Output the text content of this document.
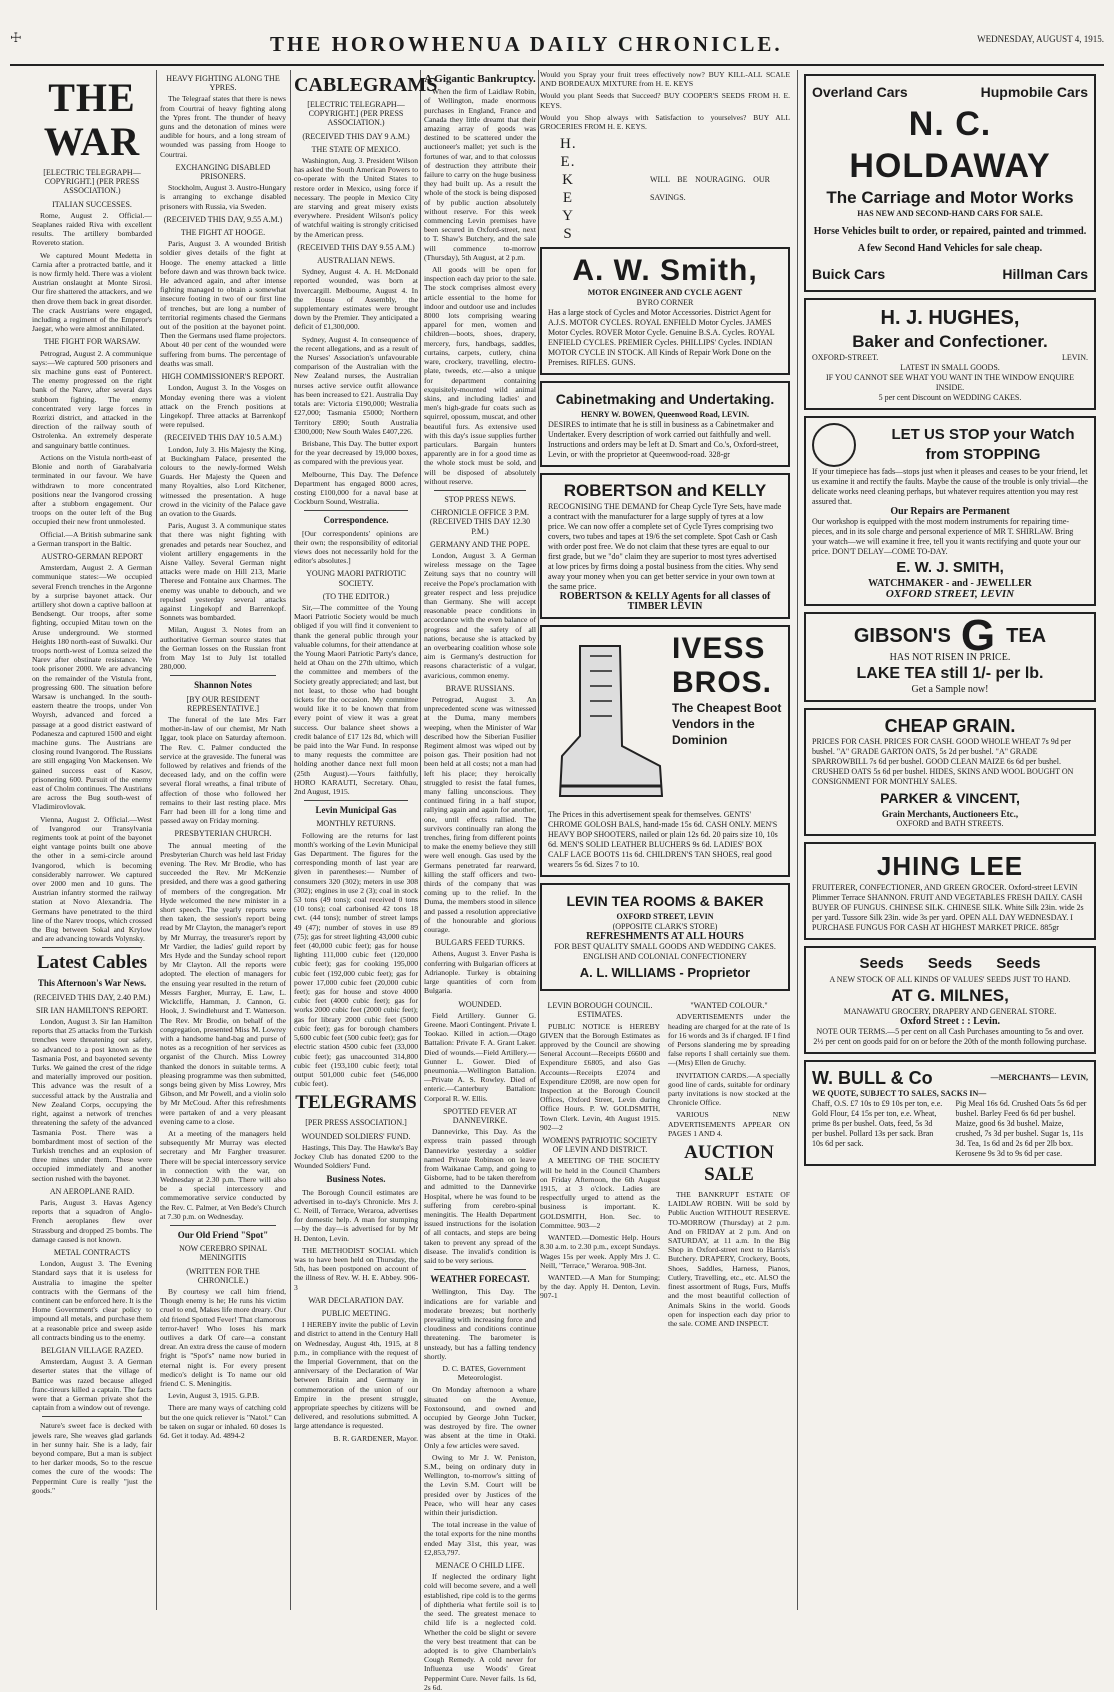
☩	THE HOROWHENUA DAILY CHRONICLE.	WEDNESDAY, AUGUST 4, 1915.
THE WAR
[ELECTRIC TELEGRAPH—COPYRIGHT.] (PER PRESS ASSOCIATION.)
ITALIAN SUCCESSES.

Rome, August 2. Official.—Seaplanes raided Riva with excellent results. The artillery bombarded Rovereto station.

We captured Mount Medetta in Carnia after a protracted battle, and it is now firmly held. There was a violent Austrian onslaught at Monte Sirosi. Our fire shattered the attackers, and we then drove them back in great disorder. The crack Austrians were engaged, including a regiment of the Emperor's Jaegar, who were almost annihilated.

THE FIGHT FOR WARSAW.

Petrograd, August 2. A communique says:—We captured 500 prisoners and six machine guns east of Ponterect. The enemy progressed on the right bank of the Narev, after several days stubborn fighting. The enemy concentrated very large forces in Rozrizi district, and attacked in the direction of the railway south of Ostrolenka. An extremely desperate and sanguinary battle continues.

Actions on the Vistula north-east of Blonie and north of Garabalvaria terminated in our favour. We have withdrawn to more concentrated positions near the Ivangorod crossing after a stubborn engagement. Our troops on the outer left of the Bug occupied their new front unmolested.

Official.—A British submarine sank a German transport in the Baltic.

AUSTRO-GERMAN REPORT

Amsterdam, August 2. A German communique states:—We occupied several French trenches in the Argonne by a surprise bayonet attack. Our artillery shot down a captive balloon at Bendsengt. Our troops, after some fighting, occupied Mitau town on the Aruse underground. We stormed Heights 180 north-east of Suwalki. Our troops north-west of Lomza seized the Narev after obstinate resistance. We took prisoner 2000. We are advancing on the remainder of the Vistula front, progressing 600. The situation before Warsaw is unchanged. In the south-eastern theatre the troops, under Von Woyrsh, advanced and forced a passage at a good district eastward of Podanesza and captured 1500 and eight machine guns. The Austrians are closing round Ivangorod. The Russians are still engaging Von Mackensen. We gained success east of Kasov, prisonering 600. Pursuit of the enemy east of Cholm continues. The Austrians are across the Bug south-west of Vladimirovlovak.

Vienna, August 2. Official.—West of Ivangorod our Transylvania regiments took at point of the bayonet eight vantage points built one above the other in a semi-circle around Ivangorod, which is becoming considerably narrower. We captured over 2000 men and 10 guns. The Austrian infantry stormed the railway station at Novo Alexandria. The Germans have penetrated to the third line of the Narev troops, which crossed the Bug between Sokal and Krylow and are advancing towards Volynsky.

Latest Cables
This Afternoon's War News.
(RECEIVED THIS DAY, 2.40 P.M.)
SIR IAN HAMILTON'S REPORT.

London, August 3. Sir Ian Hamilton reports that 25 attacks from the Turkish trenches were threatening our safety, so advanced to a post known as the Tasmania Post, and bayoneted seventy Turks. We gained the crest of the ridge and materially improved our position. This advance was the result of a successful attack by the Australia and New Zealand Corps, occupying the right, against a network of trenches threatening the safety of the advanced Tasmania Post. There was a bombardment most of section of the Turkish trenches and an explosion of three mines under them. These were occupied immediately and another section rushed with the bayonet.

AN AEROPLANE RAID.

Paris, August 3. Havas Agency reports that a squadron of Anglo-French aeroplanes flew over Strassburg and dropped 25 bombs. The damage caused is not known.

METAL CONTRACTS

London, August 3. The Evening Standard says that it is useless for Australia to imagine the spelter contracts with the Germans of the continent can be enforced here. It is the Home Government's clear policy to impound all metals, and purchase them at a reasonable price and sweep aside all contracts binding us to the enemy.

BELGIAN VILLAGE RAZED.

Amsterdam, August 3. A German deserter states that the village of Battice was razed because alleged franc-tireurs killed a captain. The facts were that a German private shot the captain from a window out of revenge.

Nature's sweet face is decked with jewels rare, She weaves glad garlands in her sunny hair. She is a lady, fair beyond compare, But a man is subject to her darker moods, So to the rescue comes the cure of the woods: The Peppermint Cure is really "just the goods."

HEAVY FIGHTING ALONG THE YPRES.

The Telegraaf states that there is news from Courtrai of heavy fighting along the Ypres front. The thunder of heavy guns and the detonation of mines were audible for hours, and a long stream of wounded was passing from Hooge to Courtrai.

EXCHANGING DISABLED PRISONERS.

Stockholm, August 3. Austro-Hungary is arranging to exchange disabled prisoners with Russia, via Sweden.

(RECEIVED THIS DAY, 9.55 A.M.)
THE FIGHT AT HOOGE.

Paris, August 3. A wounded British soldier gives details of the fight at Hooge. The enemy attacked a little before dawn and was thrown back twice. He advanced again, and after intense fighting managed to obtain a somewhat insecure footing in two of our first line of trenches, but are long a number of territorial regiments chased the Germans out of the position at the bayonet point. Then the Germans used flame projectors. About 40 per cent of the wounded were suffering from burns. The percentage of deaths was small.

HIGH COMMISSIONER'S REPORT.

London, August 3. In the Vosges on Monday evening there was a violent attack on the French positions at Lingekopf. Three attacks at Barrenkopf were repulsed.

(RECEIVED THIS DAY 10.5 A.M.)

London, July 3. His Majesty the King, at Buckingham Palace, presented the colours to the newly-formed Welsh Guards. Her Majesty the Queen and many Royalties, also Lord Kitchener, witnessed the presentation. A huge crowd in the vicinity of the Palace gave an ovation to the Guards.

Paris, August 3. A communique states that there was night fighting with grenades and petards near Souchez, and violent artillery engagements in the Aisne Valley. Several German night attacks were made on Hill 213, Marie Therese and Fontaine aux Charmes. The enemy was unable to debouch, and we repulsed yesterday several attacks against Lingekopf and Barrenkopf. Sonnets was bombarded.

Milan, August 3. Notes from an authoritative German source states that the German losses on the Russian front from May 1st to July 1st totalled 280,000.

Shannon Notes
[BY OUR RESIDENT REPRESENTATIVE.]

The funeral of the late Mrs Farr mother-in-law of our chemist, Mr Nath Iggar, took place on Saturday afternoon. The Rev. C. Palmer conducted the service at the graveside. The funeral was followed by relatives and friends of the deceased lady, and on the coffin were several floral wreaths, a final tribute of affection of those who followed her remains to their last resting place. Mrs Farr had been ill for a long time and passed away on Friday morning.

PRESBYTERIAN CHURCH.

The annual meeting of the Presbyterian Church was held last Friday evening. The Rev. Mr Brodie, who has succeeded the Rev. Mr McKenzie presided, and there was a good gathering of members of the congregation. Mr Hyde welcomed the new minister in a short speech. The yearly reports were then taken, the session's report being read by Mr Clayton, the manager's report by Mr Murray, the treasurer's report by Mr Vardier, the ladies' guild report by Mrs Hyde and the Sunday school report by Mr Clayton. All the reports were adopted. The election of managers for the ensuing year resulted in the return of Messrs Fargher, Murray, E. Law, L. Wickcliffe, Hamman, J. Cannon, G. Hook, J. Swindlehurst and T. Watterson. The Rev. Mr Brodie, on behalf of the congregation, presented Miss M. Lowrey with a handsome hand-bag and purse of notes as a recognition of her services as organist of the Church. Miss Lowrey thanked the donors in suitable terms. A pleasing programme was then submitted, songs being given by Miss Lowrey, Mrs Gibson, and Mr Powell, and a violin solo by Mr McCoud. After this refreshments were partaken of and a very pleasant evening came to a close.

At a meeting of the managers held subsequently Mr Murray was elected secretary and Mr Fargher treasurer. There will be special intercessory service in connection with the war, on Wednesday at 2.30 p.m. There will also be a special intercessory and commemorative service conducted by the Rev. C. Palmer, at Ven Bede's Church at 7.30 p.m. on Wednesday.

Our Old Friend "Spot"
NOW CEREBRO SPINAL MENINGITIS
(WRITTEN FOR THE CHRONICLE.)

By courtesy we call him friend, Though enemy is he; He runs his victim cruel to end, Makes life more dreary. Our old friend Spotted Fever! That clamorous terror-haver! Who loses his mark outlives a dark Of care—a constant drear. An extra dress the cause of modern fright is "Spot's" name now buried in eternal night is. For every present medico's delight is To name our old friend C. S. Meningitis.

Levin, August 3, 1915. G.P.B.

There are many ways of catching cold but the one quick reliever is "Natol." Can be taken on sugar or inhaled. 60 doses 1s 6d. Get it today. Ad. 4894-2

CABLEGRAMS
[ELECTRIC TELEGRAPH—COPYRIGHT.] (PER PRESS ASSOCIATION.)
(RECEIVED THIS DAY 9 A.M.)
THE STATE OF MEXICO.

Washington, Aug. 3. President Wilson has asked the South American Powers to co-operate with the United States to restore order in Mexico, using force if necessary. The people in Mexico City are starving and great misery exists everywhere. President Wilson's policy of watchful waiting is strongly criticised by the American press.

(RECEIVED THIS DAY 9.55 A.M.)
AUSTRALIAN NEWS.

Sydney, August 4. A. H. McDonald reported wounded, was born at Invercargill. Melbourne, August 4. In the House of Assembly, the supplementary estimates were brought down by the Premier. They anticipated a deficit of £1,300,000.

Sydney, August 4. In consequence of the recent allegations, and as a result of the Nurses' Association's unfavourable comparison of the Australian with the New Zealand nurses, the Australian nurses active service outfit allowance has been increased to £21. Australia Day totals are: Victoria £190,000; Westralia £27,000; Tasmania £5000; Northern Territory £890; South Australia £300,000; New South Wales £407,226.

Brisbane, This Day. The butter export for the year decreased by 19,000 boxes, as compared with the previous year.

Melbourne, This Day. The Defence Department has engaged 8000 acres, costing £100,000 for a naval base at Cockburn Sound, Westralia.

Correspondence.

[Our correspondents' opinions are their own; the responsibility of editorial views does not necessarily hold for the editor's absolutes.]

YOUNG MAORI PATRIOTIC SOCIETY.
(TO THE EDITOR.)

Sir,—The committee of the Young Maori Patriotic Society would be much obliged if you will find it convenient to thank the general public through your valuable columns, for their attendance at the Young Maori Patriotic Party's dance, held at Ohau on the 27th ultimo, which the committee and members of the Society greatly appreciated; and last, but not least, to those who had bought tickets for the occasion. My committee would like it to be known that from every point of view it was a great success. Our balance sheet shows a credit balance of £17 12s 8d, which will be paid into the War Fund. In response to many requests the committee are holding another dance next full moon (25th August).—Yours faithfully, HORO KARAUTI, Secretary. Ohau, 2nd August, 1915.

Levin Municipal Gas
MONTHLY RETURNS.

Following are the returns for last month's working of the Levin Municipal Gas Department. The figures for the corresponding month of last year are given in parentheses:— Number of consumers 320 (302); meters in use 308 (302); engines in use 2 (3); coal in stock 53 tons (49 tons); coal received 0 tons (10 tons); coal carbonised 42 tons 18 cwt. (44 tons); number of street lamps 49 (47); number of stoves in use 89 (75); gas for street lighting 43,000 cubic feet (40,000 cubic feet); gas for house lighting 111,000 cubic feet (120,000 cubic feet); gas for cooking 195,000 cubic feet (192,000 cubic feet); gas for power 17,000 cubic feet (20,000 cubic feet); gas for house and stove 4000 cubic feet (4000 cubic feet); gas for works 2000 cubic feet (2000 cubic feet); gas for library 2000 cubic feet (5000 cubic feet); gas for borough chambers 5,600 cubic feet (500 cubic feet); gas for electric station 4500 cubic feet (33,000 cubic feet); gas unaccounted 314,800 cubic feet (193,100 cubic feet); total output 501,000 cubic feet (546,000 cubic feet).

TELEGRAMS
[PER PRESS ASSOCIATION.]
WOUNDED SOLDIERS' FUND.

Hastings, This Day. The Hawke's Bay Jockey Club has donated £200 to the Wounded Soldiers' Fund.

Business Notes.

The Borough Council estimates are advertised in to-day's Chronicle. Mrs J. C. Neill, of Terrace, Weraroa, advertises for domestic help. A man for stumping—by the day—is advertised for by Mr H. Denton, Levin.

THE METHODIST SOCIAL which was to have been held on Thursday, the 5th, has been postponed on account of the illness of Rev. W. H. E. Abbey. 906-3

WAR DECLARATION DAY.
PUBLIC MEETING.

I HEREBY invite the public of Levin and district to attend in the Century Hall on Wednesday, August 4th, 1915, at 8 p.m., in compliance with the request of the Imperial Government, that on the anniversary of the Declaration of War between Britain and Germany in commemoration of the union of our Empire in the present struggle, appropriate speeches by citizens will be delivered, and resolutions submitted. A large attendance is requested.

B. R. GARDENER, Mayor.

A Gigantic Bankruptcy.

When the firm of Laidlaw Robin, of Wellington, made enormous purchases in England, France and Canada they little dreamt that their amazing array of goods was destined to be scattered under the auctioneer's mallet; yet such is the fortunes of war, and to that colossus of destruction they attribute their failure to carry on the huge business they had built up. As a result the whole of the stock is being disposed of by public auction absolutely without reserve. For this week commencing Levin premises have been secured in Oxford-street, next to T. Shaw's Butchery, and the sale will commence to-morrow (Thursday), 5th August, at 2 p.m.

All goods will be open for inspection each day prior to the sale. The stock comprises almost every article essential to the home for indoor and outdoor use and includes 8000 lots comprising wearing apparel for men, women and children—boots, shoes, drapery, mercery, furs, handbags, saddles, curtains, carpets, cutlery, china ware, crockery, travelling, electro-plate, tweeds, etc.—also a unique for department containing exquisitely-mounted wild animal skins, and including ladies' and men's high-grade fur coats such as squirrel, opossum, muscat, and other beautiful furs. As extensive used with this day's issue supplies further particulars. Bargain hunters apparently are in for a good time as the whole stock must be sold, and will be disposed of absolutely without reserve.

STOP PRESS NEWS.
CHRONICLE OFFICE 3 P.M. (RECEIVED THIS DAY 12.30 P.M.)
GERMANY AND THE POPE.

London, August 3. A German wireless message on the Tagee Zeitung says that no country will receive the Pope's proclamation with greater respect and less prejudice than Germany. She will accept reasonable peace conditions in accordance with the even balance of progress and the safety of all nations, because she is attacked by an overbearing coalition whose sole aim is Germany's destruction for reasons characteristic of a vulgar, avaricious, common enemy.

BRAVE RUSSIANS.

Petrograd, August 3. An unprecedented scene was witnessed at the Duma, many members weeping, when the Minister of War described how the Siberian Fusilier Regiment almost was wiped out by poison gas. Their position had not been held at all costs; not a man had left his place; they heroically struggled to resist the fatal fumes, many falling unconscious. They continued firing in a half stupor, rallying again and again for another, one, until effects rallied. The survivors continually ran along the trenches, firing from different points to make the enemy believe they still were well enough. Gas used by the Germans penetrated far rearward, killing the staff officers and two-thirds of the company that was coming up to the relief. In the Duma, the members stood in silence and passed a resolution appreciative of the honourable and glorious courage.

BULGARS FEED TURKS.

Athens, August 3. Enver Pasha is conferring with Bulgarian officers at Adrianople. Turkey is obtaining large quantities of corn from Bulgaria.

WOUNDED.

Field Artillery. Gunner G. Greene. Maori Contingent. Private I. Tookao. Killed in action.—Otago Battalion: Private F. A. Grant Laker. Died of wounds.—Field Artillery.—Gunner L. Gower. Died of pneumonia.—Wellington Battalion.—Private A. S. Rowley. Died of enteric.—Canterbury Battalion: Corporal R. W. Ellis.

SPOTTED FEVER AT DANNEVIRKE.

Dannevirke, This Day. As the express train passed through Dannevirke yesterday a soldier named Private Robinson on leave from Waikanae Camp, and going to Gisborne, had to be taken therefrom and admitted to the Dannevirke Hospital, where he was found to be suffering from cerebro-spinal meningitis. The Health Department issued instructions for the isolation of all contacts, and steps are being taken to prevent any spread of the disease. The invalid's condition is said to be very serious.

WEATHER FORECAST.

Wellington, This Day. The indications are for variable and moderate breezes; but northerly prevailing with increasing force and cloudiness and conditions continue threatening. The barometer is unsteady, but has a falling tendency shortly.

D. C. BATES, Government Meteorologist.

On Monday afternoon a whare situated on the Avenue, Foxtonsound, and owned and occupied by George John Tucker, was destroyed by fire. The owner was absent at the time in Otaki. Only a few articles were saved.

Owing to Mr J. W. Peniston, S.M., being on ordinary duty in Wellington, to-morrow's sitting of the Levin S.M. Court will be presided over by Justices of the Peace, who will hear any cases within their jurisdiction.

The total increase in the value of the total exports for the nine months ended May 31st, this year, was £2,853,797.

MENACE O CHILD LIFE.

If neglected the ordinary light cold will become severe, and a well established, ripe cold is to the germs of diphtheria what fertile soil is to the seed. The greatest menace to child life is a neglected cold. Whether the cold be slight or severe the very best treatment that can be adopted is to give Chamberlain's Cough Remedy. A cold never for Influenza use Woods' Great Peppermint Cure. Never fails. 1s 6d, 2s 6d.

Would you Spray your fruit trees effectively now? BUY KILL-ALL SCALE AND BORDEAUX MIXTURE from H. E. KEYS

Would you plant Seeds that Succeed? BUY COOPER'S SEEDS FROM H. E. KEYS.

Would you Shop always with Satisfaction to yourselves? BUY ALL GROCERIES FROM H. E. KEYS.

H. E. K E Y S
WILL BE NOURAGING. OUR SAVINGS.
A. W. Smith,
MOTOR ENGINEER AND CYCLE AGENT
BYRO CORNER
Has a large stock of Cycles and Motor Accessories. District Agent for A.J.S. MOTOR CYCLES. ROYAL ENFIELD Motor Cycles. JAMES Motor Cycles. ROVER Motor Cycle. Genuine B.S.A. Cycles. ROYAL ENFIELD CYCLES. PREMIER Cycles. PHILLIPS' Cycles. INDIAN MOTOR CYCLE IN STOCK. All Kinds of Repair Work Done on the Premises. RIFLES. GUNS.
Cabinetmaking and Undertaking.
HENRY W. BOWEN, Queenwood Road, LEVIN.
DESIRES to intimate that he is still in business as a Cabinetmaker and Undertaker. Every description of work carried out faithfully and well. Instructions and orders may be left at D. Smart and Co.'s, Oxford-street, Levin, or with the proprietor at Queenwood-road. 328-gr
ROBERTSON and KELLY
RECOGNISING THE DEMAND for Cheap Cycle Tyre Sets, have made a contract with the manufacturer for a large supply of tyres at a low price. We can now offer a complete set of Cycle Tyres comprising two covers, two tubes and tapes at 19/6 the set complete. Spot Cash or Cash with order post free. We do not claim that these tyres are equal to our first grade, but we "do" claim they are superior to most tyres advertised at low prices by firms doing a postal business from the cities. Why send away your money when you can get better service in your own town at the same price.
ROBERTSON & KELLY Agents for all classes of TIMBER LEVIN
IVESS
BROS.
The Cheapest Boot Vendors in the Dominion
The Prices in this advertisement speak for themselves. GENTS' CHROME GOLOSH BALS, hand-made 15s 6d. CASH ONLY. MEN'S HEAVY BOP SHOOTERS, nailed or plain 12s 6d. 20 pairs size 10, 10s 6d. MEN'S SOLID LEATHER BLUCHERS 9s 6d. LADIES' BOX CALF LACE BOOTS 11s 6d. CHILDREN'S TAN SHOES, real good wearers 5s 6d. Sizes 7 to 10.
LEVIN TEA ROOMS & BAKER
OXFORD STREET, LEVIN
(OPPOSITE CLARK'S STORE)
REFRESHMENTS AT ALL HOURS
FOR BEST QUALITY SMALL GOODS AND WEDDING CAKES. ENGLISH AND COLONIAL CONFECTIONERY
A. L. WILLIAMS - Proprietor
LEVIN BOROUGH COUNCIL. ESTIMATES.

PUBLIC NOTICE is HEREBY GIVEN that the Borough Estimates as approved by the Council are showing Seneral Account—Receipts £6600 and Expenditure £6805, and also Gas Accounts—Receipts £2074 and Expenditure £2098, are now open for Inspection at the Borough Council Offices, Oxford Street, Levin during Office Hours. P. W. GOLDSMITH, Town Clerk. Levin, 4th August 1915. 902—2

WOMEN'S PATRIOTIC SOCIETY OF LEVIN AND DISTRICT.

A MEETING OF THE SOCIETY will be held in the Council Chambers on Friday Afternoon, the 6th August 1915, at 3 o'clock. Ladies are respectfully urged to attend as the business is important. K. GOLDSMITH, Hon. Sec. to Committee. 903—2

WANTED.—Domestic Help. Hours 8.30 a.m. to 2.30 p.m., except Sundays. Wages 15s per week. Apply Mrs J. C. Neill, "Terrace," Weraroa. 908-3nt.

WANTED.—A Man for Stumping; by the day. Apply H. Denton, Levin. 907-1

"WANTED COLOUR."

ADVERTISEMENTS under the heading are charged for at the rate of 1s for 16 words and 3s if charged. IF I find of Persons slandering me by spreading false reports I shall certainly sue them.—(Mrs) Ellen de Gruchy.

INVITATION CARDS.—A specially good line of cards, suitable for ordinary party invitations is now stocked at the Chronicle Office.

VARIOUS NEW ADVERTISEMENTS APPEAR ON PAGES 1 AND 4.

AUCTION SALE

THE BANKRUPT ESTATE OF LAIDLAW ROBIN. Will be sold by Public Auction WITHOUT RESERVE. TO-MORROW (Thursday) at 2 p.m. And on FRIDAY at 2 p.m. And on SATURDAY, at 11 a.m. In the Big Shop in Oxford-street next to Harris's Butchery. DRAPERY, Crockery, Boots, Shoes, Saddles, Harness, Pianos, Cutlery, Travelling, etc., etc. ALSO the finest assortment of Rugs, Furs, Muffs and the most beautiful collection of Animals Skins in the world. Goods open for inspection each day prior to the sale. COME AND INSPECT.

Overland Cars	Hupmobile Cars
N. C. HOLDAWAY
The Carriage and Motor Works
HAS NEW AND SECOND-HAND CARS FOR SALE.
Horse Vehicles built to order, or repaired, painted and trimmed.
A few Second Hand Vehicles for sale cheap.
Buick Cars	Hillman Cars
H. J. HUGHES,
Baker and Confectioner.
OXFORD-STREET.	LEVIN.
LATEST IN SMALL GOODS.
IF YOU CANNOT SEE WHAT YOU WANT IN THE WINDOW ENQUIRE INSIDE.
5 per cent Discount on WEDDING CAKES.
LET US STOP your Watch from STOPPING
If your timepiece has fads—stops just when it pleases and ceases to be your friend, let us examine it and rectify the faults. Maybe the cause of the trouble is only trivial—the delicate works need cleaning perhaps, but whatever requires attention you may rest assured that.
Our Repairs are Permanent
Our workshop is equipped with the most modern instruments for repairing time-pieces, and in its sole charge and personal experience of MR T. SHIRLAW. Bring your watch—we will examine it free, tell you it wants rectifying and quote your our price. DON'T DELAY—COME TO-DAY.
E. W. J. SMITH,
WATCHMAKER - and - JEWELLER
OXFORD STREET, LEVIN
GIBSON'S G TEA
HAS NOT RISEN IN PRICE.
LAKE TEA still 1/- per lb.
Get a Sample now!
CHEAP GRAIN.
PRICES FOR CASH. PRICES FOR CASH. GOOD WHOLE WHEAT 7s 9d per bushel. "A" GRADE GARTON OATS, 5s 2d per bushel. "A" GRADE SPARROWBILL 7s 6d per bushel. GOOD CLEAN MAIZE 6s 6d per bushel. CRUSHED OATS 5s 6d per bushel. HIDES, SKINS AND WOOL BOUGHT ON CONSIGNMENT FOR MONTHLY SALES.
PARKER & VINCENT,
Grain Merchants, Auctioneers Etc.,
OXFORD and BATH STREETS.
JHING LEE
FRUITERER, CONFECTIONER, AND GREEN GROCER. Oxford-street LEVIN Plimmer Terrace SHANNON. FRUIT AND VEGETABLES FRESH DAILY. CASH BUYER OF FUNGUS. CHINESE SILK. CHINESE SILK. White Silk 23in. wide 2s per yard. Tussore Silk 23in. wide 3s per yard. OPEN ALL DAY WEDNESDAY. I PURCHASE FUNGUS FOR CASH AT HIGHEST MARKET PRICE. 885gr
Seeds Seeds Seeds
A NEW STOCK OF ALL KINDS OF VALUES' SEEDS JUST TO HAND.
AT G. MILNES,
MANAWATU GROCERY, DRAPERY AND GENERAL STORE.
Oxford Street : : Levin.
NOTE OUR TERMS.—5 per cent on all Cash Purchases amounting to 5s and over. 2½ per cent on goods paid for on or before the 20th of the month following purchase.
W. BULL & Co	—MERCHANTS— LEVIN,
WE QUOTE, SUBJECT TO SALES, SACKS IN—
Chaff, O.S. £7 10s to £9 10s per ton, e.e. Gold Flour, £4 15s per ton, e.e. Wheat, prime 8s per bushel. Oats, feed, 5s 3d per bushel. Pollard 13s per sack. Bran 10s 6d per sack.
Pig Meal 16s 6d. Crushed Oats 5s 6d per bushel. Barley Feed 6s 6d per bushel. Maize, good 6s 3d bushel. Maize, crushed, 7s 3d per bushel. Sugar 1s, 11s 3d. Tea, 1s 6d and 2s 6d per 2lb box. Kerosene 9s 3d to 9s 6d per case.
